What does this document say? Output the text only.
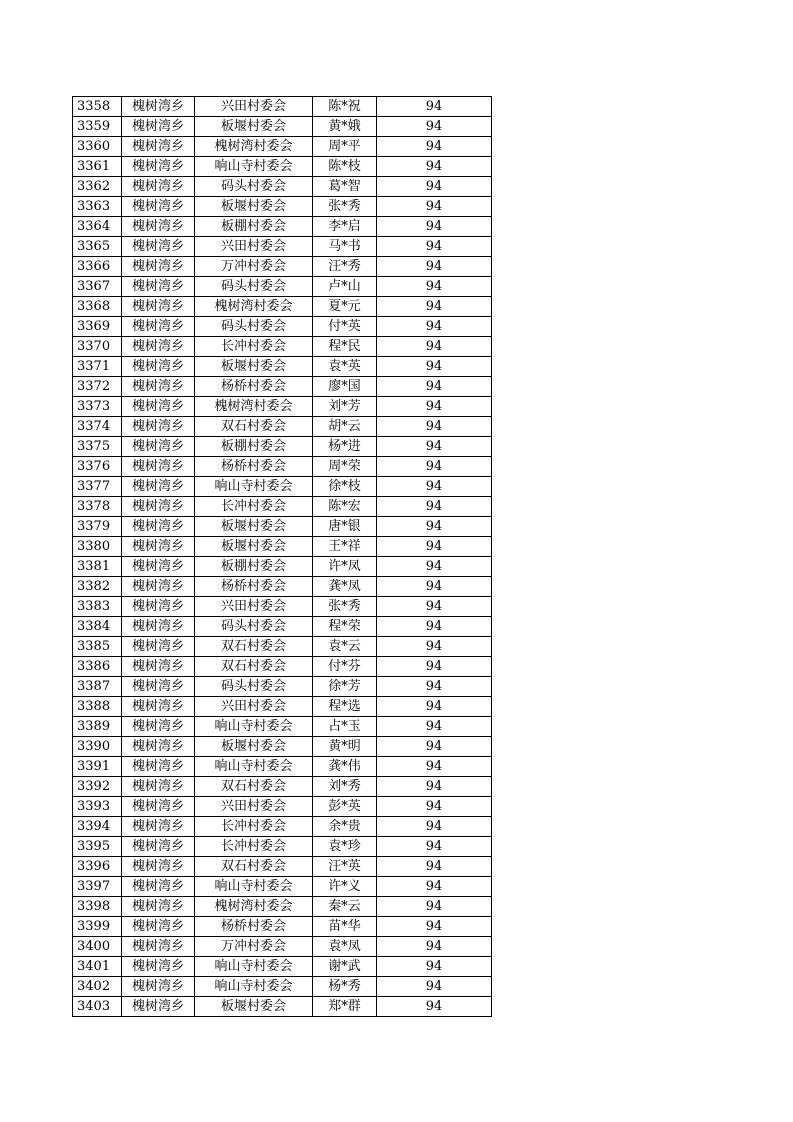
3358	槐树湾乡	兴田村委会	陈*祝	94
3359	槐树湾乡	板堰村委会	黄*娥	94
3360	槐树湾乡	槐树湾村委会	周*平	94
3361	槐树湾乡	响山寺村委会	陈*枝	94
3362	槐树湾乡	码头村委会	葛*智	94
3363	槐树湾乡	板堰村委会	张*秀	94
3364	槐树湾乡	板棚村委会	李*启	94
3365	槐树湾乡	兴田村委会	马*书	94
3366	槐树湾乡	万冲村委会	汪*秀	94
3367	槐树湾乡	码头村委会	卢*山	94
3368	槐树湾乡	槐树湾村委会	夏*元	94
3369	槐树湾乡	码头村委会	付*英	94
3370	槐树湾乡	长冲村委会	程*民	94
3371	槐树湾乡	板堰村委会	袁*英	94
3372	槐树湾乡	杨桥村委会	廖*国	94
3373	槐树湾乡	槐树湾村委会	刘*芳	94
3374	槐树湾乡	双石村委会	胡*云	94
3375	槐树湾乡	板棚村委会	杨*进	94
3376	槐树湾乡	杨桥村委会	周*荣	94
3377	槐树湾乡	响山寺村委会	徐*枝	94
3378	槐树湾乡	长冲村委会	陈*宏	94
3379	槐树湾乡	板堰村委会	唐*银	94
3380	槐树湾乡	板堰村委会	王*祥	94
3381	槐树湾乡	板棚村委会	许*凤	94
3382	槐树湾乡	杨桥村委会	龚*凤	94
3383	槐树湾乡	兴田村委会	张*秀	94
3384	槐树湾乡	码头村委会	程*荣	94
3385	槐树湾乡	双石村委会	袁*云	94
3386	槐树湾乡	双石村委会	付*芬	94
3387	槐树湾乡	码头村委会	徐*芳	94
3388	槐树湾乡	兴田村委会	程*选	94
3389	槐树湾乡	响山寺村委会	占*玉	94
3390	槐树湾乡	板堰村委会	黄*明	94
3391	槐树湾乡	响山寺村委会	龚*伟	94
3392	槐树湾乡	双石村委会	刘*秀	94
3393	槐树湾乡	兴田村委会	彭*英	94
3394	槐树湾乡	长冲村委会	余*贵	94
3395	槐树湾乡	长冲村委会	袁*珍	94
3396	槐树湾乡	双石村委会	汪*英	94
3397	槐树湾乡	响山寺村委会	许*义	94
3398	槐树湾乡	槐树湾村委会	秦*云	94
3399	槐树湾乡	杨桥村委会	苗*华	94
3400	槐树湾乡	万冲村委会	袁*凤	94
3401	槐树湾乡	响山寺村委会	谢*武	94
3402	槐树湾乡	响山寺村委会	杨*秀	94
3403	槐树湾乡	板堰村委会	郑*群	94
